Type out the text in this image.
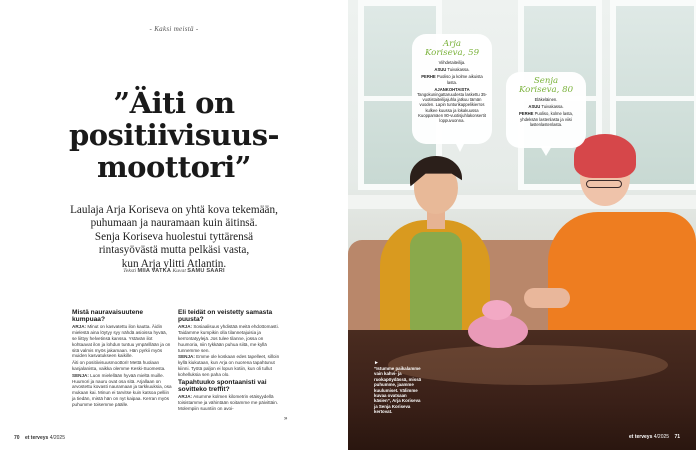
- Kaksi meistä -
”Äiti on
positiivisuus-
moottori”
Laulaja Arja Koriseva on yhtä kova tekemään,
puhumaan ja nauramaan kuin äitinsä.
Senja Koriseva huolestui tyttärensä
rintasyövästä mutta pelkäsi vasta,
kun Arja ylitti Atlantin.
Teksti MIIA VATKA Kuvat SAMU SAARI
Mistä nauravaisuutene kumpuaa?
ARJA: Minut on kasvatettu ilon kautta. Äidin mielestä aina löytyy syy nähdä asioissa hyvää, se liittyy helvetinsä kanssa. Ystävän ilot kohtaavat ilon ja lohdun tuntuu ympärillään ja on sitä valmis myös jakamaan. Hän pyrkii myös muiden kasvatukseen kaikille.
Äiti on positiivisuusmoottori! Mettä huolaan kanjalanista, vaikka olemme Keski-Suomesta.
SENJA: Luon mielellään hyvää mieltä muille. Huumori ja nauru ovat osa sitä. Arjallaan on arvostettu kovasti nauramaan ja tarkkuuksia, osa mukaan kai. Minun ei tarvitse kuin katsoa pelliin ja tiedän, mistä hän on nyt kaipaa. Kerran myös puhumme toisemme päälle.
Eli teidät on veistetty samasta puusta?
ARJA: Sosiaalisuus yhdistää meitä ehdottomasti. Taidamme kumpikin olla tilannetajuisia ja kerrontatyylejä. Jos tulee tilanne, jossa on huumoria, niin tykkään puhua siitä, me kyllä tunnemme sen.
SENJA: Emme ole koskaan edes tapelleet, silloin kyllä kiukutaan, kun Arja on nuorena tapahtunut kiinni. Työtä paljon ei lopun kotiin, kun oli tullut kohelluksia sen paha olo.
Tapahtuuko spontaanisti vai sovitteko treffit?
ARJA: Asumme kolmen kilometrin etäisyydellä toisistamme ja vähintään soitamme me päivittäin. Molempiin suuntiin on avoi-
»
70 et terveys 4/2025
Arja
Koriseva, 59
Viihdetaiteilija.
ASUU Tuivakassa.
PERHE Puoliso ja kolme aikuista lasta.
AJANKOHTAISTA Tangokuningattaruudesta laskettu 35-vuotistaiteilijajuhla jatkuu tämän vuoden. Lapin tunturikappelikierros kulkee kuussa ja lokakuussa Kuoppamäen 80-vuotisjuhlakonsertit loppuvuonna.
Senja
Koriseva, 80
Eläkeläinen.
ASUU Tuivakassa.
PERHE Puoliso, kolme lasta, yhdeksän lastenlasta ja viisi lastenlastenlasta.
►
”Istumme paikalamme vain kahvi- ja ruokapöydässä, missä puhumme, jaamme kuulumiset. Välimme kuvaa ovatsaan käsien”, Arja Koriseva ja Senja Koriseva kertovat.
et terveys 4/2025 71
